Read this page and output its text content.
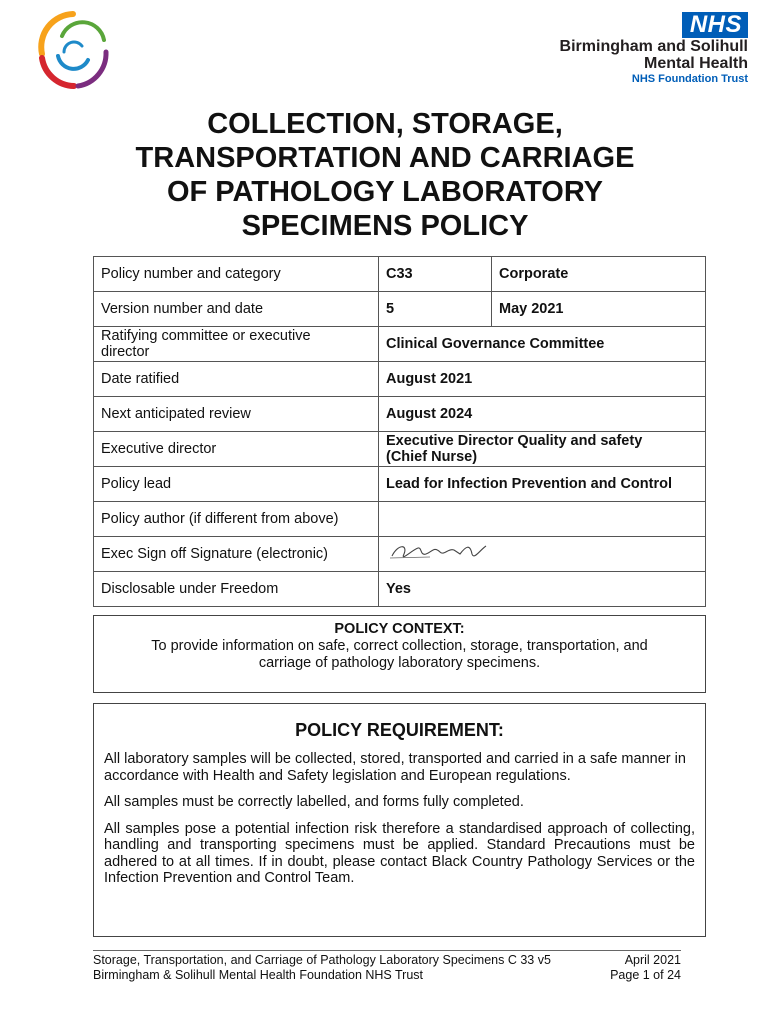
NHS
Birmingham and Solihull
Mental Health
NHS Foundation Trust
COLLECTION, STORAGE,
TRANSPORTATION AND CARRIAGE
OF PATHOLOGY LABORATORY
SPECIMENS POLICY
Policy number and category	C33	Corporate
Version number and date	5	May 2021

Ratifying committee or executive
director	Clinical Governance Committee	
Date ratified	August 2021	
Next anticipated review	August 2024	
Executive director	Executive Director Quality and safety
(Chief Nurse)	

Policy lead	Lead for Infection Prevention and Control	
Policy author (if different from above)		
Exec Sign off Signature (electronic)	
Disclosable under Freedom	Yes	
POLICY CONTEXT:

To provide information on safe, correct collection, storage, transportation, and carriage of pathology laboratory specimens.

POLICY REQUIREMENT:

All laboratory samples will be collected, stored, transported and carried in a safe manner in accordance with Health and Safety legislation and European regulations.

All samples must be correctly labelled, and forms fully completed.

All samples pose a potential infection risk therefore a standardised approach of collecting, handling and transporting specimens must be applied. Standard Precautions must be adhered to at all times. If in doubt, please contact Black Country Pathology Services or the Infection Prevention and Control Team.

Storage, Transportation, and Carriage of Pathology Laboratory Specimens C 33 v5
Birmingham & Solihull Mental Health Foundation NHS Trust
April 2021
Page 1 of 24
